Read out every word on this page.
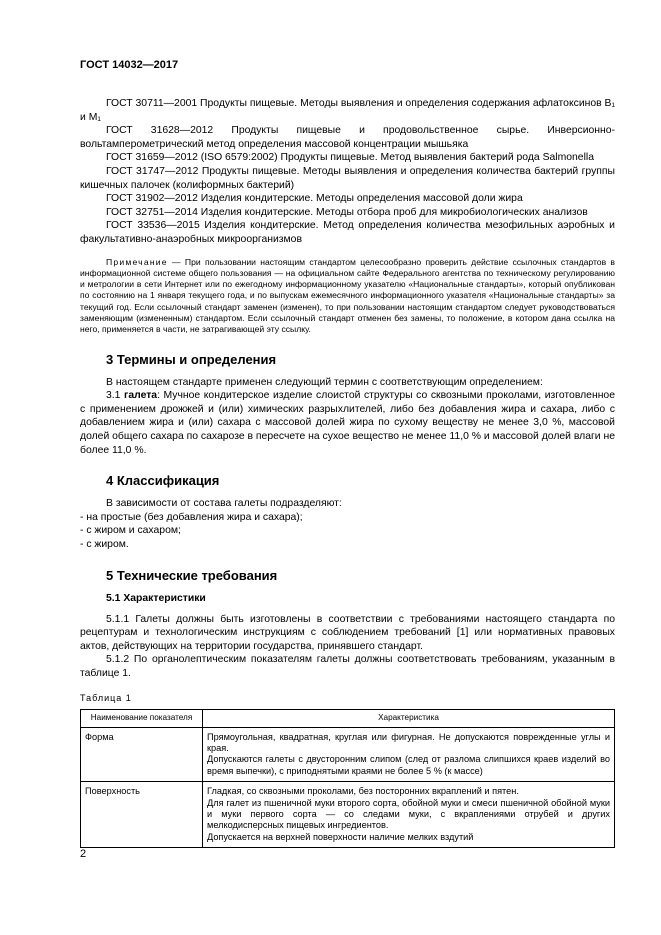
ГОСТ 14032—2017

ГОСТ 30711—2001 Продукты пищевые. Методы выявления и определения содержания афлатоксинов B₁ и M₁

ГОСТ 31628—2012 Продукты пищевые и продовольственное сырье. Инверсионно-вольтамперометрический метод определения массовой концентрации мышьяка

ГОСТ 31659—2012 (ISO 6579:2002) Продукты пищевые. Метод выявления бактерий рода Salmonella

ГОСТ 31747—2012 Продукты пищевые. Методы выявления и определения количества бактерий группы кишечных палочек (колиформных бактерий)

ГОСТ 31902—2012 Изделия кондитерские. Методы определения массовой доли жира

ГОСТ 32751—2014 Изделия кондитерские. Методы отбора проб для микробиологических анализов

ГОСТ 33536—2015 Изделия кондитерские. Метод определения количества мезофильных аэробных и факультативно-анаэробных микроорганизмов

Примечание — При пользовании настоящим стандартом целесообразно проверить действие ссылочных стандартов в информационной системе общего пользования — на официальном сайте Федерального агентства по техническому регулированию и метрологии в сети Интернет или по ежегодному информационному указателю «Национальные стандарты», который опубликован по состоянию на 1 января текущего года, и по выпускам ежемесячного информационного указателя «Национальные стандарты» за текущий год. Если ссылочный стандарт заменен (изменен), то при пользовании настоящим стандартом следует руководствоваться заменяющим (измененным) стандартом. Если ссылочный стандарт отменен без замены, то положение, в котором дана ссылка на него, применяется в части, не затрагивающей эту ссылку.
3 Термины и определения

В настоящем стандарте применен следующий термин с соответствующим определением:

3.1 галета: Мучное кондитерское изделие слоистой структуры со сквозными проколами, изготовленное с применением дрожжей и (или) химических разрыхлителей, либо без добавления жира и сахара, либо с добавлением жира и (или) сахара с массовой долей жира по сухому веществу не менее 3,0 %, массовой долей общего сахара по сахарозе в пересчете на сухое вещество не менее 11,0 % и массовой долей влаги не более 11,0 %.

4 Классификация

В зависимости от состава галеты подразделяют:

- на простые (без добавления жира и сахара);

- с жиром и сахаром;

- с жиром.

5 Технические требования
5.1 Характеристики

5.1.1 Галеты должны быть изготовлены в соответствии с требованиями настоящего стандарта по рецептурам и технологическим инструкциям с соблюдением требований [1] или нормативных правовых актов, действующих на территории государства, принявшего стандарт.

5.1.2 По органолептическим показателям галеты должны соответствовать требованиям, указанным в таблице 1.

Таблица 1
Наименование показателя	Характеристика
Форма	Прямоугольная, квадратная, круглая или фигурная. Не допускаются поврежденные углы и края.
Допускаются галеты с двусторонним слипом (след от разлома слипшихся краев изделий во время выпечки), с приподнятыми краями не более 5 % (к массе)

Поверхность	Гладкая, со сквозными проколами, без посторонних вкраплений и пятен.
Для галет из пшеничной муки второго сорта, обойной муки и смеси пшеничной обойной муки и муки первого сорта — со следами муки, с вкраплениями отрубей и других мелкодисперсных пищевых ингредиентов.
Допускается на верхней поверхности наличие мелких вздутий
2
